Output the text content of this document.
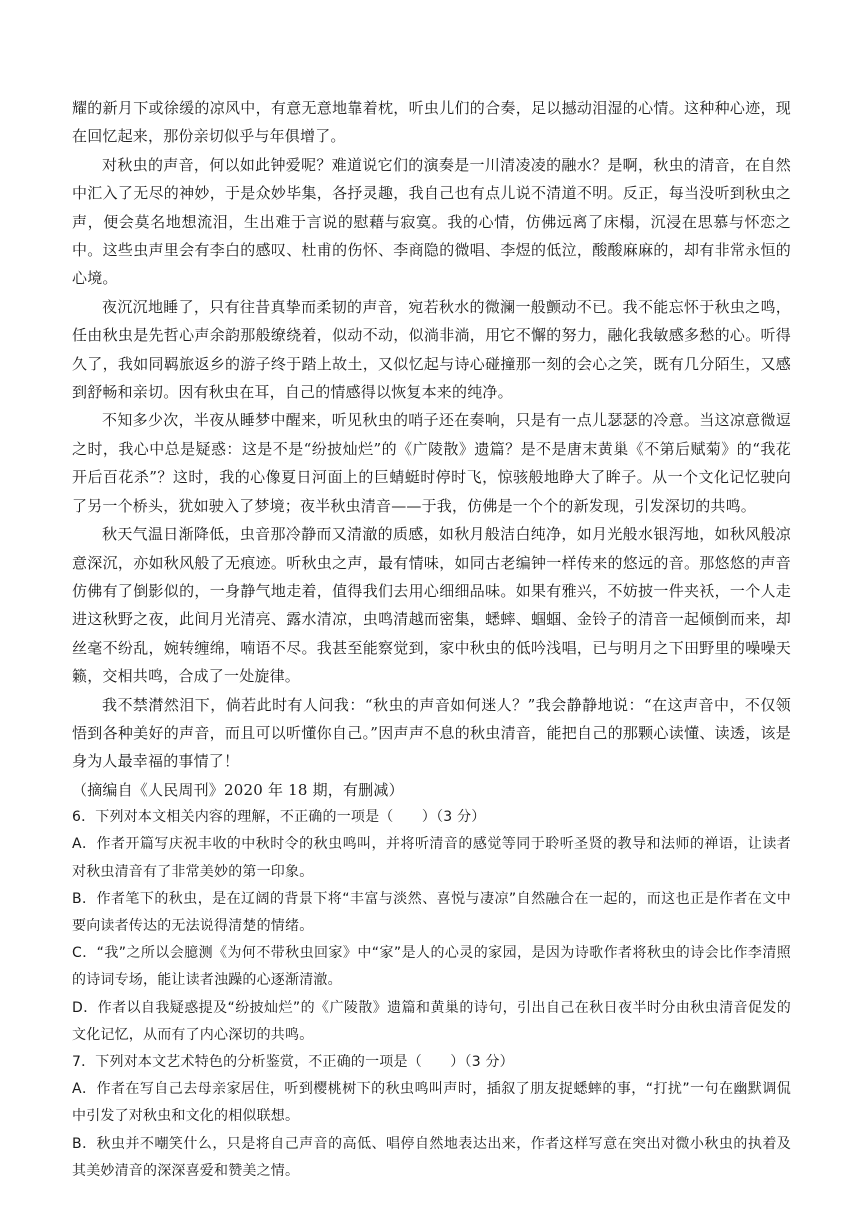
耀的新月下或徐缓的凉风中，有意无意地靠着枕，听虫儿们的合奏，足以撼动泪湿的心情。这种种心迹，现在回忆起来，那份亲切似乎与年俱增了。

对秋虫的声音，何以如此钟爱呢？难道说它们的演奏是一川清凌凌的融水？是啊，秋虫的清音，在自然中汇入了无尽的神妙，于是众妙毕集，各抒灵趣，我自己也有点儿说不清道不明。反正，每当没听到秋虫之声，便会莫名地想流泪，生出难于言说的慰藉与寂寞。我的心情，仿佛远离了床榻，沉浸在思慕与怀恋之中。这些虫声里会有李白的感叹、杜甫的伤怀、李商隐的微唱、李煜的低泣，酸酸麻麻的，却有非常永恒的心境。

夜沉沉地睡了，只有往昔真挚而柔韧的声音，宛若秋水的微澜一般颤动不已。我不能忘怀于秋虫之鸣，任由秋虫是先哲心声余韵那般缭绕着，似动不动，似淌非淌，用它不懈的努力，融化我敏感多愁的心。听得久了，我如同羁旅返乡的游子终于踏上故土，又似忆起与诗心碰撞那一刻的会心之笑，既有几分陌生，又感到舒畅和亲切。因有秋虫在耳，自己的情感得以恢复本来的纯净。

不知多少次，半夜从睡梦中醒来，听见秋虫的哨子还在奏响，只是有一点儿瑟瑟的冷意。当这凉意微逗之时，我心中总是疑惑：这是不是“纷披灿烂”的《广陵散》遗篇？是不是唐末黄巢《不第后赋菊》的“我花开后百花杀”？这时，我的心像夏日河面上的巨蜻蜓时停时飞，惊骇般地睁大了眸子。从一个文化记忆驶向了另一个桥头，犹如驶入了梦境；夜半秋虫清音——于我，仿佛是一个个的新发现，引发深切的共鸣。

秋天气温日渐降低，虫音那冷静而又清澈的质感，如秋月般洁白纯净，如月光般水银泻地，如秋风般凉意深沉，亦如秋风般了无痕迹。听秋虫之声，最有情味，如同古老编钟一样传来的悠远的音。那悠悠的声音仿佛有了倒影似的，一身静气地走着，值得我们去用心细细品味。如果有雅兴，不妨披一件夹袄，一个人走进这秋野之夜，此间月光清亮、露水清凉，虫鸣清越而密集，蟋蟀、蝈蝈、金铃子的清音一起倾倒而来，却丝毫不纷乱，婉转缠绵，喃语不尽。我甚至能察觉到，家中秋虫的低吟浅唱，已与明月之下田野里的噪噪天籁，交相共鸣，合成了一处旋律。

我不禁潸然泪下，倘若此时有人问我：“秋虫的声音如何迷人？”我会静静地说：“在这声音中，不仅领悟到各种美好的声音，而且可以听懂你自己。”因声声不息的秋虫清音，能把自己的那颗心读懂、读透，该是身为人最幸福的事情了！

（摘编自《人民周刊》2020 年 18 期，有删减）

6．下列对本文相关内容的理解，不正确的一项是（　　）（3 分）

A．作者开篇写庆祝丰收的中秋时令的秋虫鸣叫，并将听清音的感觉等同于聆听圣贤的教导和法师的禅语，让读者对秋虫清音有了非常美妙的第一印象。

B．作者笔下的秋虫，是在辽阔的背景下将“丰富与淡然、喜悦与凄凉”自然融合在一起的，而这也正是作者在文中要向读者传达的无法说得清楚的情绪。

C．“我”之所以会臆测《为何不带秋虫回家》中“家”是人的心灵的家园，是因为诗歌作者将秋虫的诗会比作李清照的诗词专场，能让读者浊躁的心逐渐清澈。

D．作者以自我疑惑提及“纷披灿烂”的《广陵散》遗篇和黄巢的诗句，引出自己在秋日夜半时分由秋虫清音促发的文化记忆，从而有了内心深切的共鸣。

7．下列对本文艺术特色的分析鉴赏，不正确的一项是（　　）（3 分）

A．作者在写自己去母亲家居住，听到樱桃树下的秋虫鸣叫声时，插叙了朋友捉蟋蟀的事，“打扰”一句在幽默调侃中引发了对秋虫和文化的相似联想。

B．秋虫并不嘲笑什么，只是将自己声音的高低、唱停自然地表达出来，作者这样写意在突出对微小秋虫的执着及其美妙清音的深深喜爱和赞美之情。
